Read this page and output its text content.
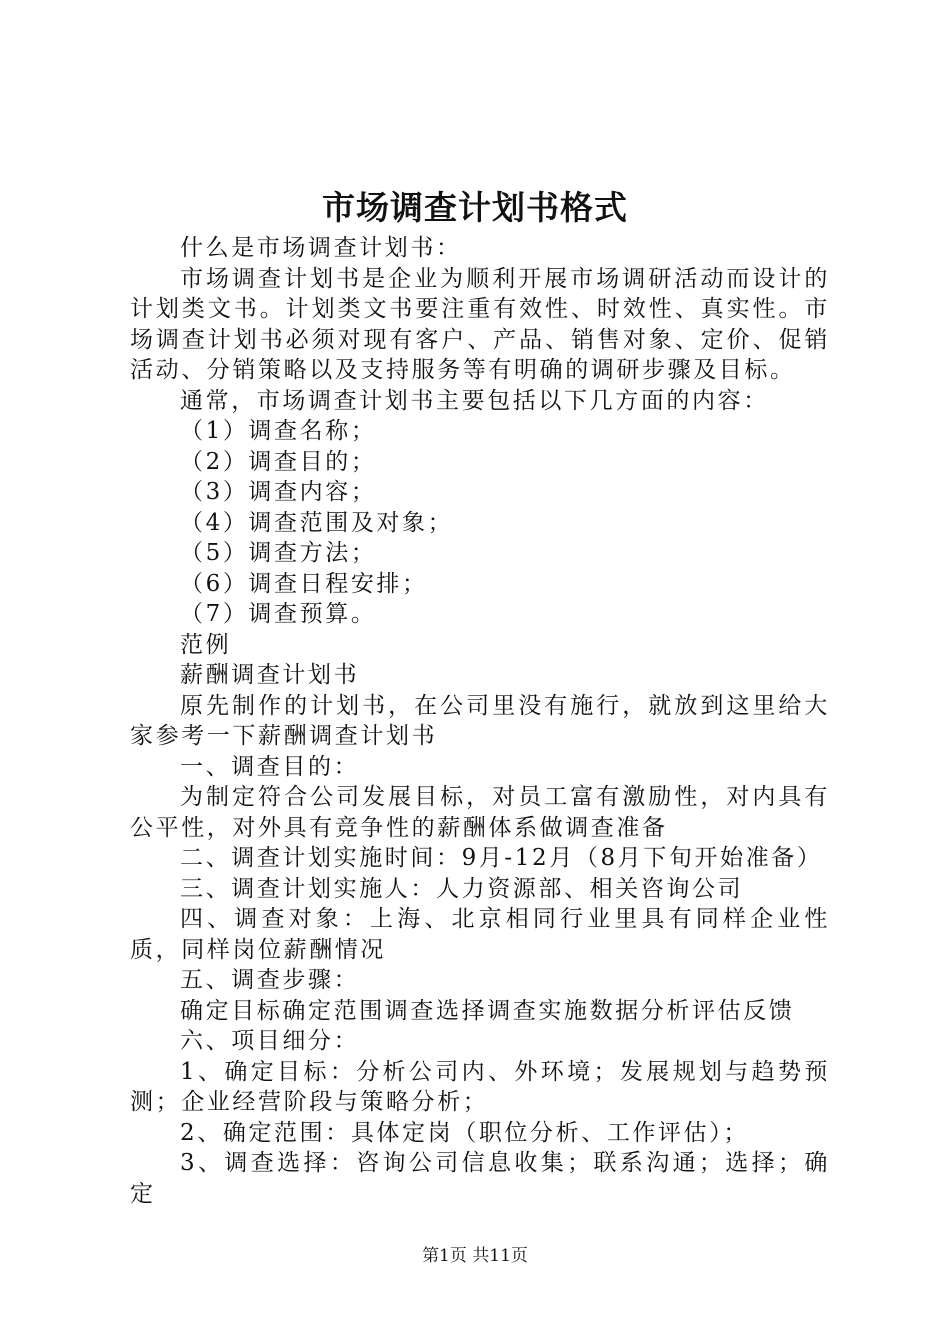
市场调查计划书格式

什么是市场调查计划书：

市场调查计划书是企业为顺利开展市场调研活动而设计的计划类文书。计划类文书要注重有效性、时效性、真实性。市场调查计划书必须对现有客户、产品、销售对象、定价、促销活动、分销策略以及支持服务等有明确的调研步骤及目标。

通常，市场调查计划书主要包括以下几方面的内容：

（1）调查名称；

（2）调查目的；

（3）调查内容；

（4）调查范围及对象；

（5）调查方法；

（6）调查日程安排；

（7）调查预算。

范例

薪酬调查计划书

原先制作的计划书，在公司里没有施行，就放到这里给大家参考一下薪酬调查计划书

一、调查目的：

为制定符合公司发展目标，对员工富有激励性，对内具有公平性，对外具有竞争性的薪酬体系做调查准备

二、调查计划实施时间：9月-12月（8月下旬开始准备）

三、调查计划实施人：人力资源部、相关咨询公司

四、调查对象：上海、北京相同行业里具有同样企业性质，同样岗位薪酬情况

五、调查步骤：

确定目标确定范围调查选择调查实施数据分析评估反馈

六、项目细分：

1、确定目标：分析公司内、外环境；发展规划与趋势预测；企业经营阶段与策略分析；

2、确定范围：具体定岗（职位分析、工作评估）；

3、调查选择：咨询公司信息收集；联系沟通；选择；确定

第1页 共11页
